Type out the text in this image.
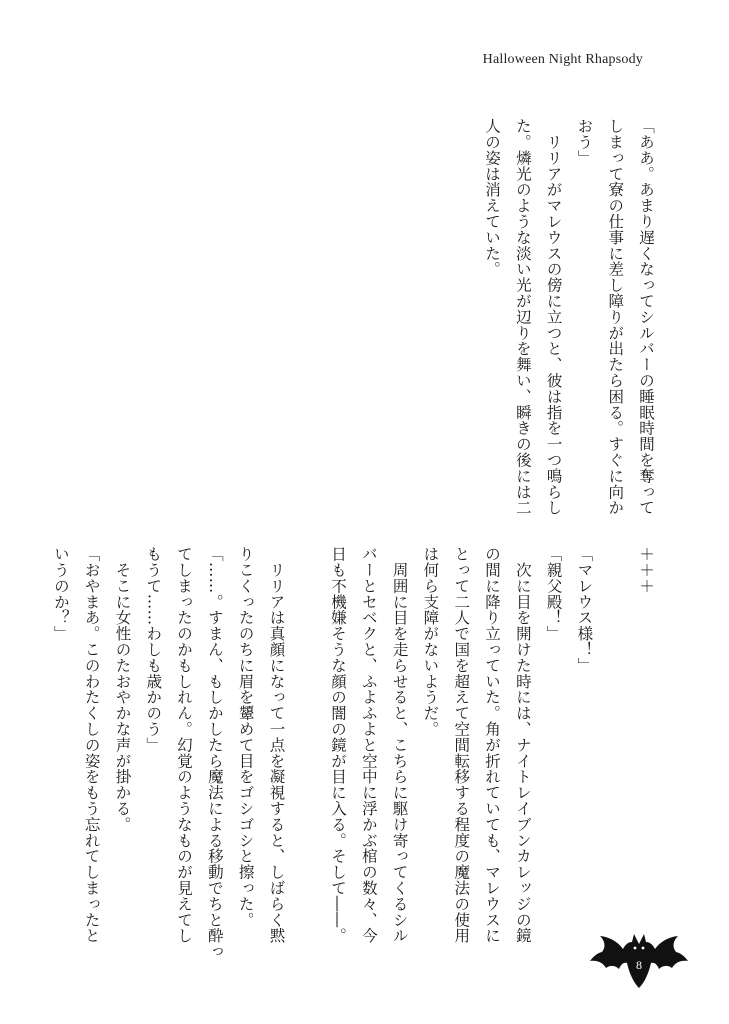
Halloween Night Rhapsody
「ああ。あまり遅くなってシルバーの睡眠時間を奪って
しまって寮の仕事に差し障りが出たら困る。すぐに向か
おう」
　リリアがマレウスの傍に立つと、彼は指を一つ鳴らし
た。燐光のような淡い光が辺りを舞い、瞬きの後には二
人の姿は消えていた。
＋＋＋

「マレウス様！」
「親父殿！」
　次に目を開けた時には、ナイトレイブンカレッジの鏡
の間に降り立っていた。角が折れていても、マレウスに
とって二人で国を超えて空間転移する程度の魔法の使用
は何ら支障がないようだ。
　周囲に目を走らせると、こちらに駆け寄ってくるシル
バーとセベクと、ふよふよと空中に浮かぶ棺の数々、今
日も不機嫌そうな顔の闇の鏡が目に入る。そして――。

　リリアは真顔になって一点を凝視すると、しばらく黙
りこくったのちに眉を顰めて目をゴシゴシと擦った。
「……。すまん、もしかしたら魔法による移動でちと酔っ
てしまったのかもしれん。幻覚のようなものが見えてし
もうて……わしも歳かのう」
　そこに女性のたおやかな声が掛かる。
「おやまあ。このわたくしの姿をもう忘れてしまったと
いうのか？」
8
